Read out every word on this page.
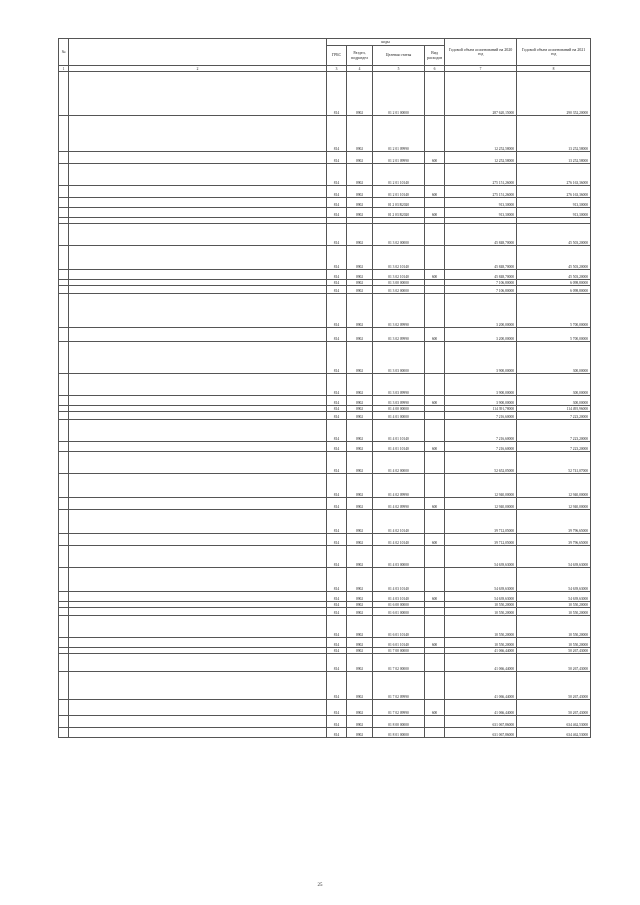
№		коды				Годовой объем ассигнований на 2020 год	Годовой объем ассигнований на 2021 год
		ГРБС	Раздел, подраздел	Целевая статья	Вид расходов		
1	2	3	4	5	6	7	8
		814	0902	01 2 01 00000		287 620,15000	290 352,20000
		814	0902	01 2 01 09990		12 252,58000	13 252,58000
		814	0902	01 2 01 09990	600	12 252,58000	13 252,58000
		814	0902	01 2 01 10140		275 151,26000	276 163,36000
		814	0902	01 2 01 10140	600	275 151,26000	276 163,36000
		814	0902	01 2 03 R2020		913,30000	913,30000
		814	0902	01 2 03 R2020	600	913,30000	913,30000

		814	0902	01 3 02 00000		45 848,70000	45 503,20000
		814	0902	01 3 02 10140		45 848,70000	45 503,20000
		814	0902	01 3 02 10140	600	45 848,70000	45 503,20000
		814	0902	01 3 00 00000		7 106,80000	6 098,80000
		814	0902	01 3 02 00000		7 106,80000	6 098,80000
		814	0902	01 3 02 09990		3 200,00000	5 700,00000
		814	0902	01 3 02 09990	600	3 200,00000	5 700,00000
		814	0902	01 3 03 00000		3 900,00000	300,00000
		814	0902	01 3 03 09990		3 900,00000	300,00000
		814	0902	01 3 03 09990	600	3 900,00000	300,00000
		814	0902	01 4 00 00000		114 391,78000	114 495,96000
		814	0902	01 4 01 00000		7 216,60000	7 223,20000
		814	0902	01 4 01 10140		7 216,60000	7 223,20000
		814	0902	01 4 01 10140	600	7 216,60000	7 223,20000
		814	0902	01 4 02 00000		52 652,05000	52 741,07000
		814	0902	01 4 02 09990		12 940,00000	12 940,00000
		814	0902	01 4 02 09990	600	12 940,00000	12 940,00000
		814	0902	01 4 02 10140		39 712,05000	39 796,65000
		814	0902	01 4 02 10140	600	39 712,05000	39 796,65000
		814	0902	01 4 03 00000		54 639,63000	54 639,63000
		814	0902	01 4 03 10140		54 639,63000	54 639,63000
		814	0902	01 4 03 10140	600	54 639,63000	54 639,63000
		814	0902	01 6 00 00000		10 550,20000	10 550,20000
		814	0902	01 6 01 00000		10 550,20000	10 550,20000
		814	0902	01 6 01 10140		10 550,20000	10 550,20000
		814	0902	01 6 01 10140	600	10 550,20000	10 550,20000
		814	0902	01 7 00 00000		41 066,44000	50 267,43000
		814	0902	01 7 02 00000		41 066,44000	50 267,43000
		814	0902	01 7 02 09990		41 066,44000	50 267,43000
		814	0902	01 7 02 09990	600	41 066,44000	50 267,43000
		814	0902	01 8 00 00000		631 067,86000	634 462,53000
		814	0902	01 8 01 00000		631 067,86000	634 462,53000
25
